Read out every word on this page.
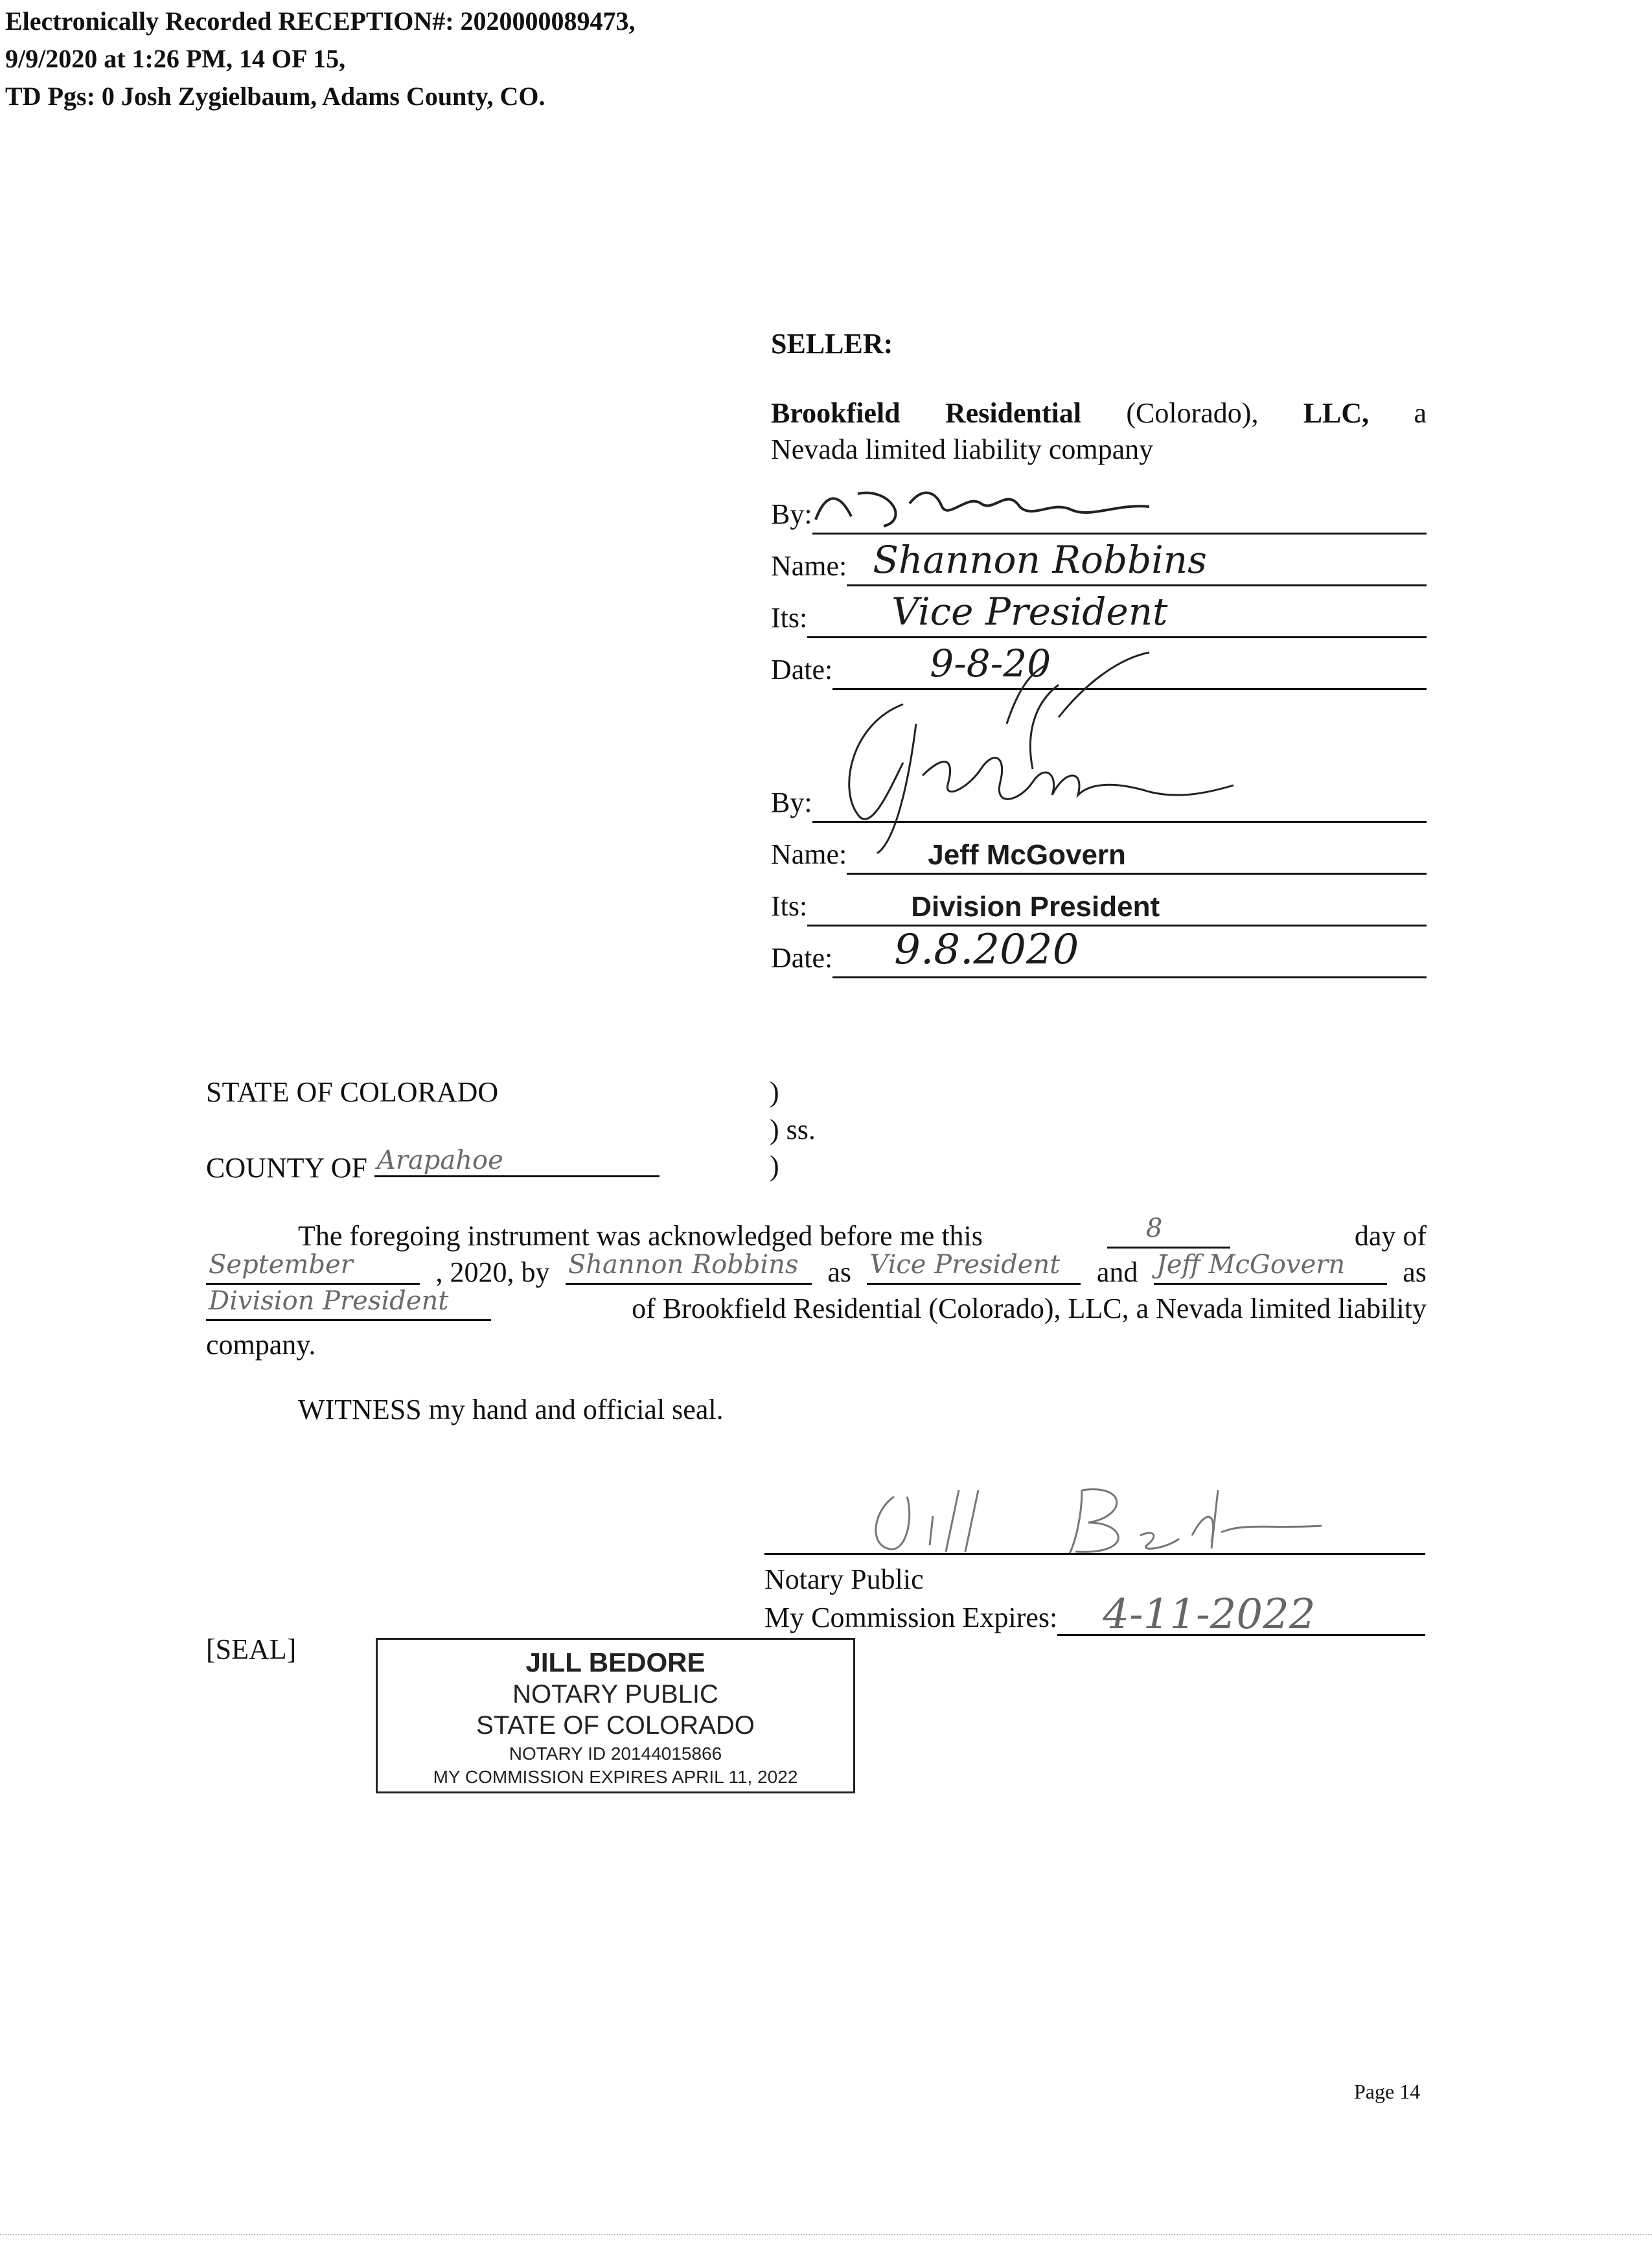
Electronically Recorded RECEPTION#: 2020000089473,
9/9/2020 at 1:26 PM, 14 OF 15,
TD Pgs: 0 Josh Zygielbaum, Adams County, CO.
SELLER:
Brookfield Residential (Colorado), LLC, a
Nevada limited liability company
By:
Name: Shannon Robbins
Its: Vice President
Date:	9-8-20
By:
Name:	Jeff McGovern
Its:	Division President
Date: 9.8.2020
STATE OF COLORADO	)
) ss.
)
COUNTY OF Arapahoe
The foregoing instrument was acknowledged before me this	8	day of
September	, 2020, by Shannon Robbins as Vice President and Jeff McGovern as
Division President	of Brookfield Residential (Colorado), LLC, a Nevada limited liability
company.
WITNESS my hand and official seal.
Notary Public
My Commission Expires: 4-11-2022
[SEAL]	JILL BEDORE
NOTARY PUBLIC
STATE OF COLORADO
NOTARY ID 20144015866
MY COMMISSION EXPIRES APRIL 11, 2022
Page 14
